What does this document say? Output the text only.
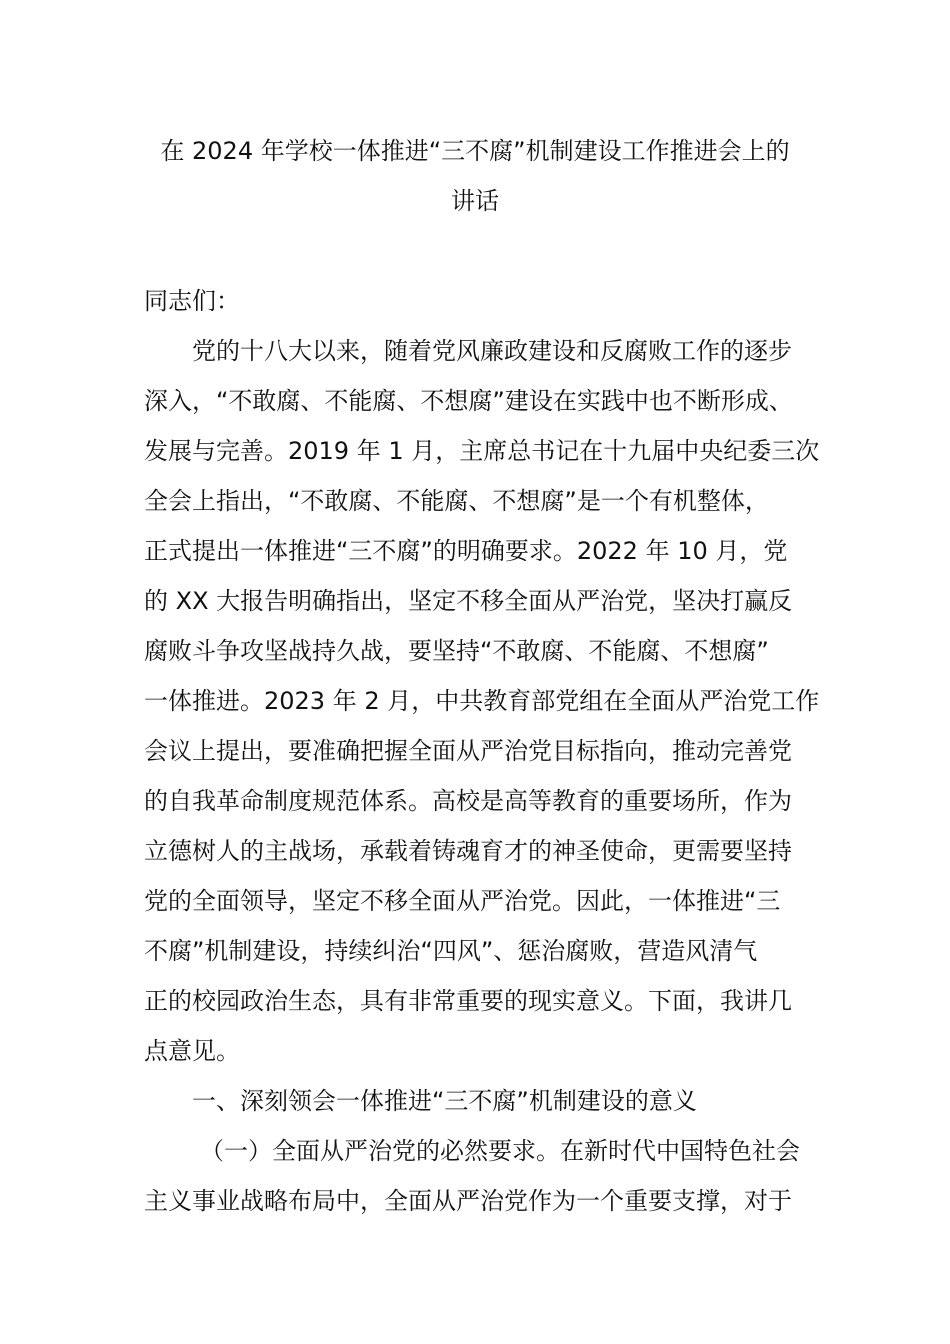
在 2024 年学校一体推进“三不腐”机制建设工作推进会上的
讲话
同志们：
党的十八大以来，随着党风廉政建设和反腐败工作的逐步
深入，“不敢腐、不能腐、不想腐”建设在实践中也不断形成、
发展与完善。2019 年 1 月，主席总书记在十九届中央纪委三次
全会上指出，“不敢腐、不能腐、不想腐”是一个有机整体，
正式提出一体推进“三不腐”的明确要求。2022 年 10 月，党
的 XX 大报告明确指出，坚定不移全面从严治党，坚决打赢反
腐败斗争攻坚战持久战，要坚持“不敢腐、不能腐、不想腐”
一体推进。2023 年 2 月，中共教育部党组在全面从严治党工作
会议上提出，要准确把握全面从严治党目标指向，推动完善党
的自我革命制度规范体系。高校是高等教育的重要场所，作为
立德树人的主战场，承载着铸魂育才的神圣使命，更需要坚持
党的全面领导，坚定不移全面从严治党。因此，一体推进“三
不腐”机制建设，持续纠治“四风”、惩治腐败，营造风清气
正的校园政治生态，具有非常重要的现实意义。下面，我讲几
点意见。
一、深刻领会一体推进“三不腐”机制建设的意义
（一）全面从严治党的必然要求。在新时代中国特色社会
主义事业战略布局中，全面从严治党作为一个重要支撑，对于
